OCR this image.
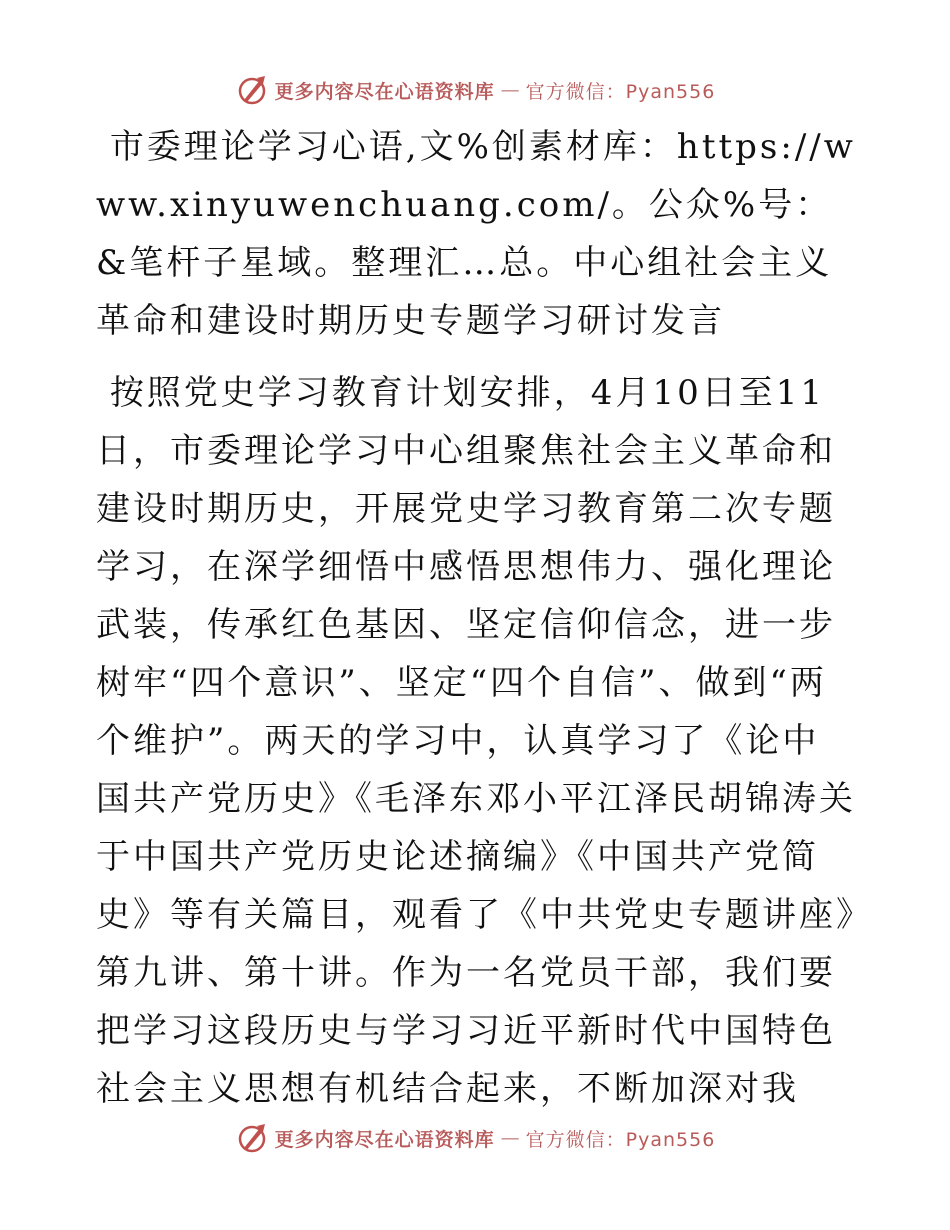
更多内容尽在心语资料库 — 官方微信：Pyan556

市委理论学习心语,文%创素材库：https://www.xinyuwenchuang.com/。公众%号：&笔杆子星域。整理汇…总。中心组社会主义革命和建设时期历史专题学习研讨发言

按照党史学习教育计划安排，4月10日至11日，市委理论学习中心组聚焦社会主义革命和建设时期历史，开展党史学习教育第二次专题学习，在深学细悟中感悟思想伟力、强化理论武装，传承红色基因、坚定信仰信念，进一步树牢“四个意识”、坚定“四个自信”、做到“两个维护”。两天的学习中，认真学习了《论中国共产党历史》《毛泽东邓小平江泽民胡锦涛关于中国共产党历史论述摘编》《中国共产党简史》等有关篇目，观看了《中共党史专题讲座》第九讲、第十讲。作为一名党员干部，我们要把学习这段历史与学习习近平新时代中国特色社会主义思想有机结合起来，不断加深对我

更多内容尽在心语资料库 — 官方微信：Pyan556
